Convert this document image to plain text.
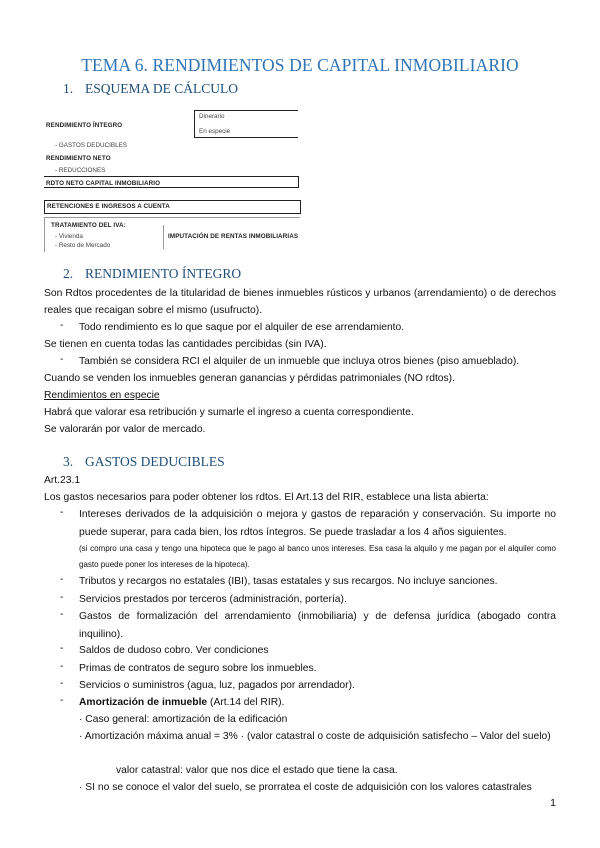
TEMA 6. RENDIMIENTOS DE CAPITAL INMOBILIARIO
1. ESQUEMA DE CÁLCULO
Dinerario
En especie
RENDIMIENTO ÍNTEGRO
- GASTOS DEDUCIBLES
RENDIMIENTO NETO
- REDUCCIONES
RDTO NETO CAPITAL INMOBILIARIO
RETENCIONES E INGRESOS A CUENTA
TRATAMIENTO DEL IVA:
- Vivienda
- Resto de Mercado
IMPUTACIÓN DE RENTAS INMOBILIARIAS
2. RENDIMIENTO ÍNTEGRO
Son Rdtos procedentes de la titularidad de bienes inmuebles rústicos y urbanos (arrendamiento) o de derechos reales que recaigan sobre el mismo (usufructo).
- Todo rendimiento es lo que saque por el alquiler de ese arrendamiento.
Se tienen en cuenta todas las cantidades percibidas (sin IVA).
- También se considera RCI el alquiler de un inmueble que incluya otros bienes (piso amueblado).
Cuando se venden los inmuebles generan ganancias y pérdidas patrimoniales (NO rdtos).
Rendimientos en especie
Habrá que valorar esa retribución y sumarle el ingreso a cuenta correspondiente.
Se valorarán por valor de mercado.
3. GASTOS DEDUCIBLES
Art.23.1
Los gastos necesarios para poder obtener los rdtos. El Art.13 del RIR, establece una lista abierta:
- Intereses derivados de la adquisición o mejora y gastos de reparación y conservación. Su importe no puede superar, para cada bien, los rdtos íntegros. Se puede trasladar a los 4 años siguientes.
(si compro una casa y tengo una hipoteca que le pago al banco unos intereses. Esa casa la alquilo y me pagan por el alquiler como gasto puede poner los intereses de la hipoteca).
- Tributos y recargos no estatales (IBI), tasas estatales y sus recargos. No incluye sanciones.
- Servicios prestados por terceros (administración, portería).
- Gastos de formalización del arrendamiento (inmobiliaria) y de defensa jurídica (abogado contra inquilino).
- Saldos de dudoso cobro. Ver condiciones
- Primas de contratos de seguro sobre los inmuebles.
- Servicios o suministros (agua, luz, pagados por arrendador).
- Amortización de inmueble (Art.14 del RIR).
· Caso general: amortización de la edificación
· Amortización máxima anual = 3% · (valor catastral o coste de adquisición satisfecho – Valor del suelo)
valor catastral: valor que nos dice el estado que tiene la casa.
· SI no se conoce el valor del suelo, se prorratea el coste de adquisición con los valores catastrales
1
